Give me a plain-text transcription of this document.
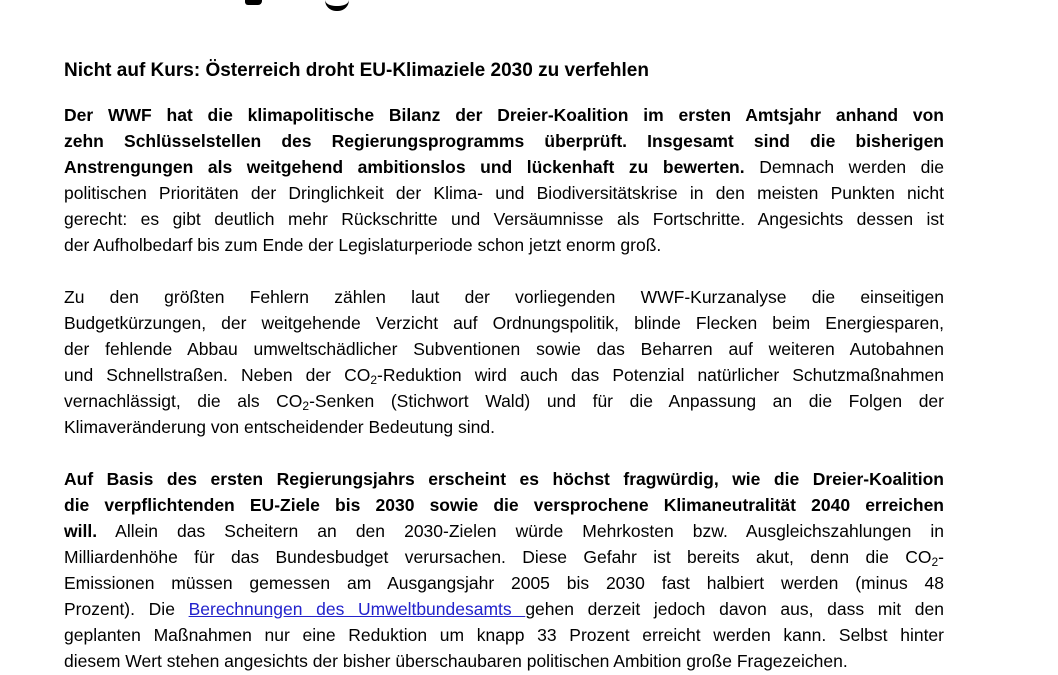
Nicht auf Kurs: Österreich droht EU-Klimaziele 2030 zu verfehlen
Der WWF hat die klimapolitische Bilanz der Dreier-Koalition im ersten Amtsjahr anhand von
zehn Schlüsselstellen des Regierungsprogramms überprüft. Insgesamt sind die bisherigen
Anstrengungen als weitgehend ambitionslos und lückenhaft zu bewerten. Demnach werden die
politischen Prioritäten der Dringlichkeit der Klima- und Biodiversitätskrise in den meisten Punkten nicht
gerecht: es gibt deutlich mehr Rückschritte und Versäumnisse als Fortschritte. Angesichts dessen ist
der Aufholbedarf bis zum Ende der Legislaturperiode schon jetzt enorm groß.
Zu den größten Fehlern zählen laut der vorliegenden WWF-Kurzanalyse die einseitigen
Budgetkürzungen, der weitgehende Verzicht auf Ordnungspolitik, blinde Flecken beim Energiesparen,
der fehlende Abbau umweltschädlicher Subventionen sowie das Beharren auf weiteren Autobahnen
und Schnellstraßen. Neben der $CO_2$-Reduktion wird auch das Potenzial natürlicher Schutzmaßnahmen
vernachlässigt, die als $CO_2$-Senken (Stichwort Wald) und für die Anpassung an die Folgen der
Klimaveränderung von entscheidender Bedeutung sind.
Auf Basis des ersten Regierungsjahrs erscheint es höchst fragwürdig, wie die Dreier-Koalition
die verpflichtenden EU-Ziele bis 2030 sowie die versprochene Klimaneutralität 2040 erreichen
will. Allein das Scheitern an den 2030-Zielen würde Mehrkosten bzw. Ausgleichszahlungen in
Milliardenhöhe für das Bundesbudget verursachen. Diese Gefahr ist bereits akut, denn die $CO_2-$
Emissionen müssen gemessen am Ausgangsjahr 2005 bis 2030 fast halbiert werden (minus 48
Prozent). Die Berechnungen des Umweltbundesamts gehen derzeit jedoch davon aus, dass mit den
geplanten Maßnahmen nur eine Reduktion um knapp 33 Prozent erreicht werden kann. Selbst hinter
diesem Wert stehen angesichts der bisher überschaubaren politischen Ambition große Fragezeichen.
